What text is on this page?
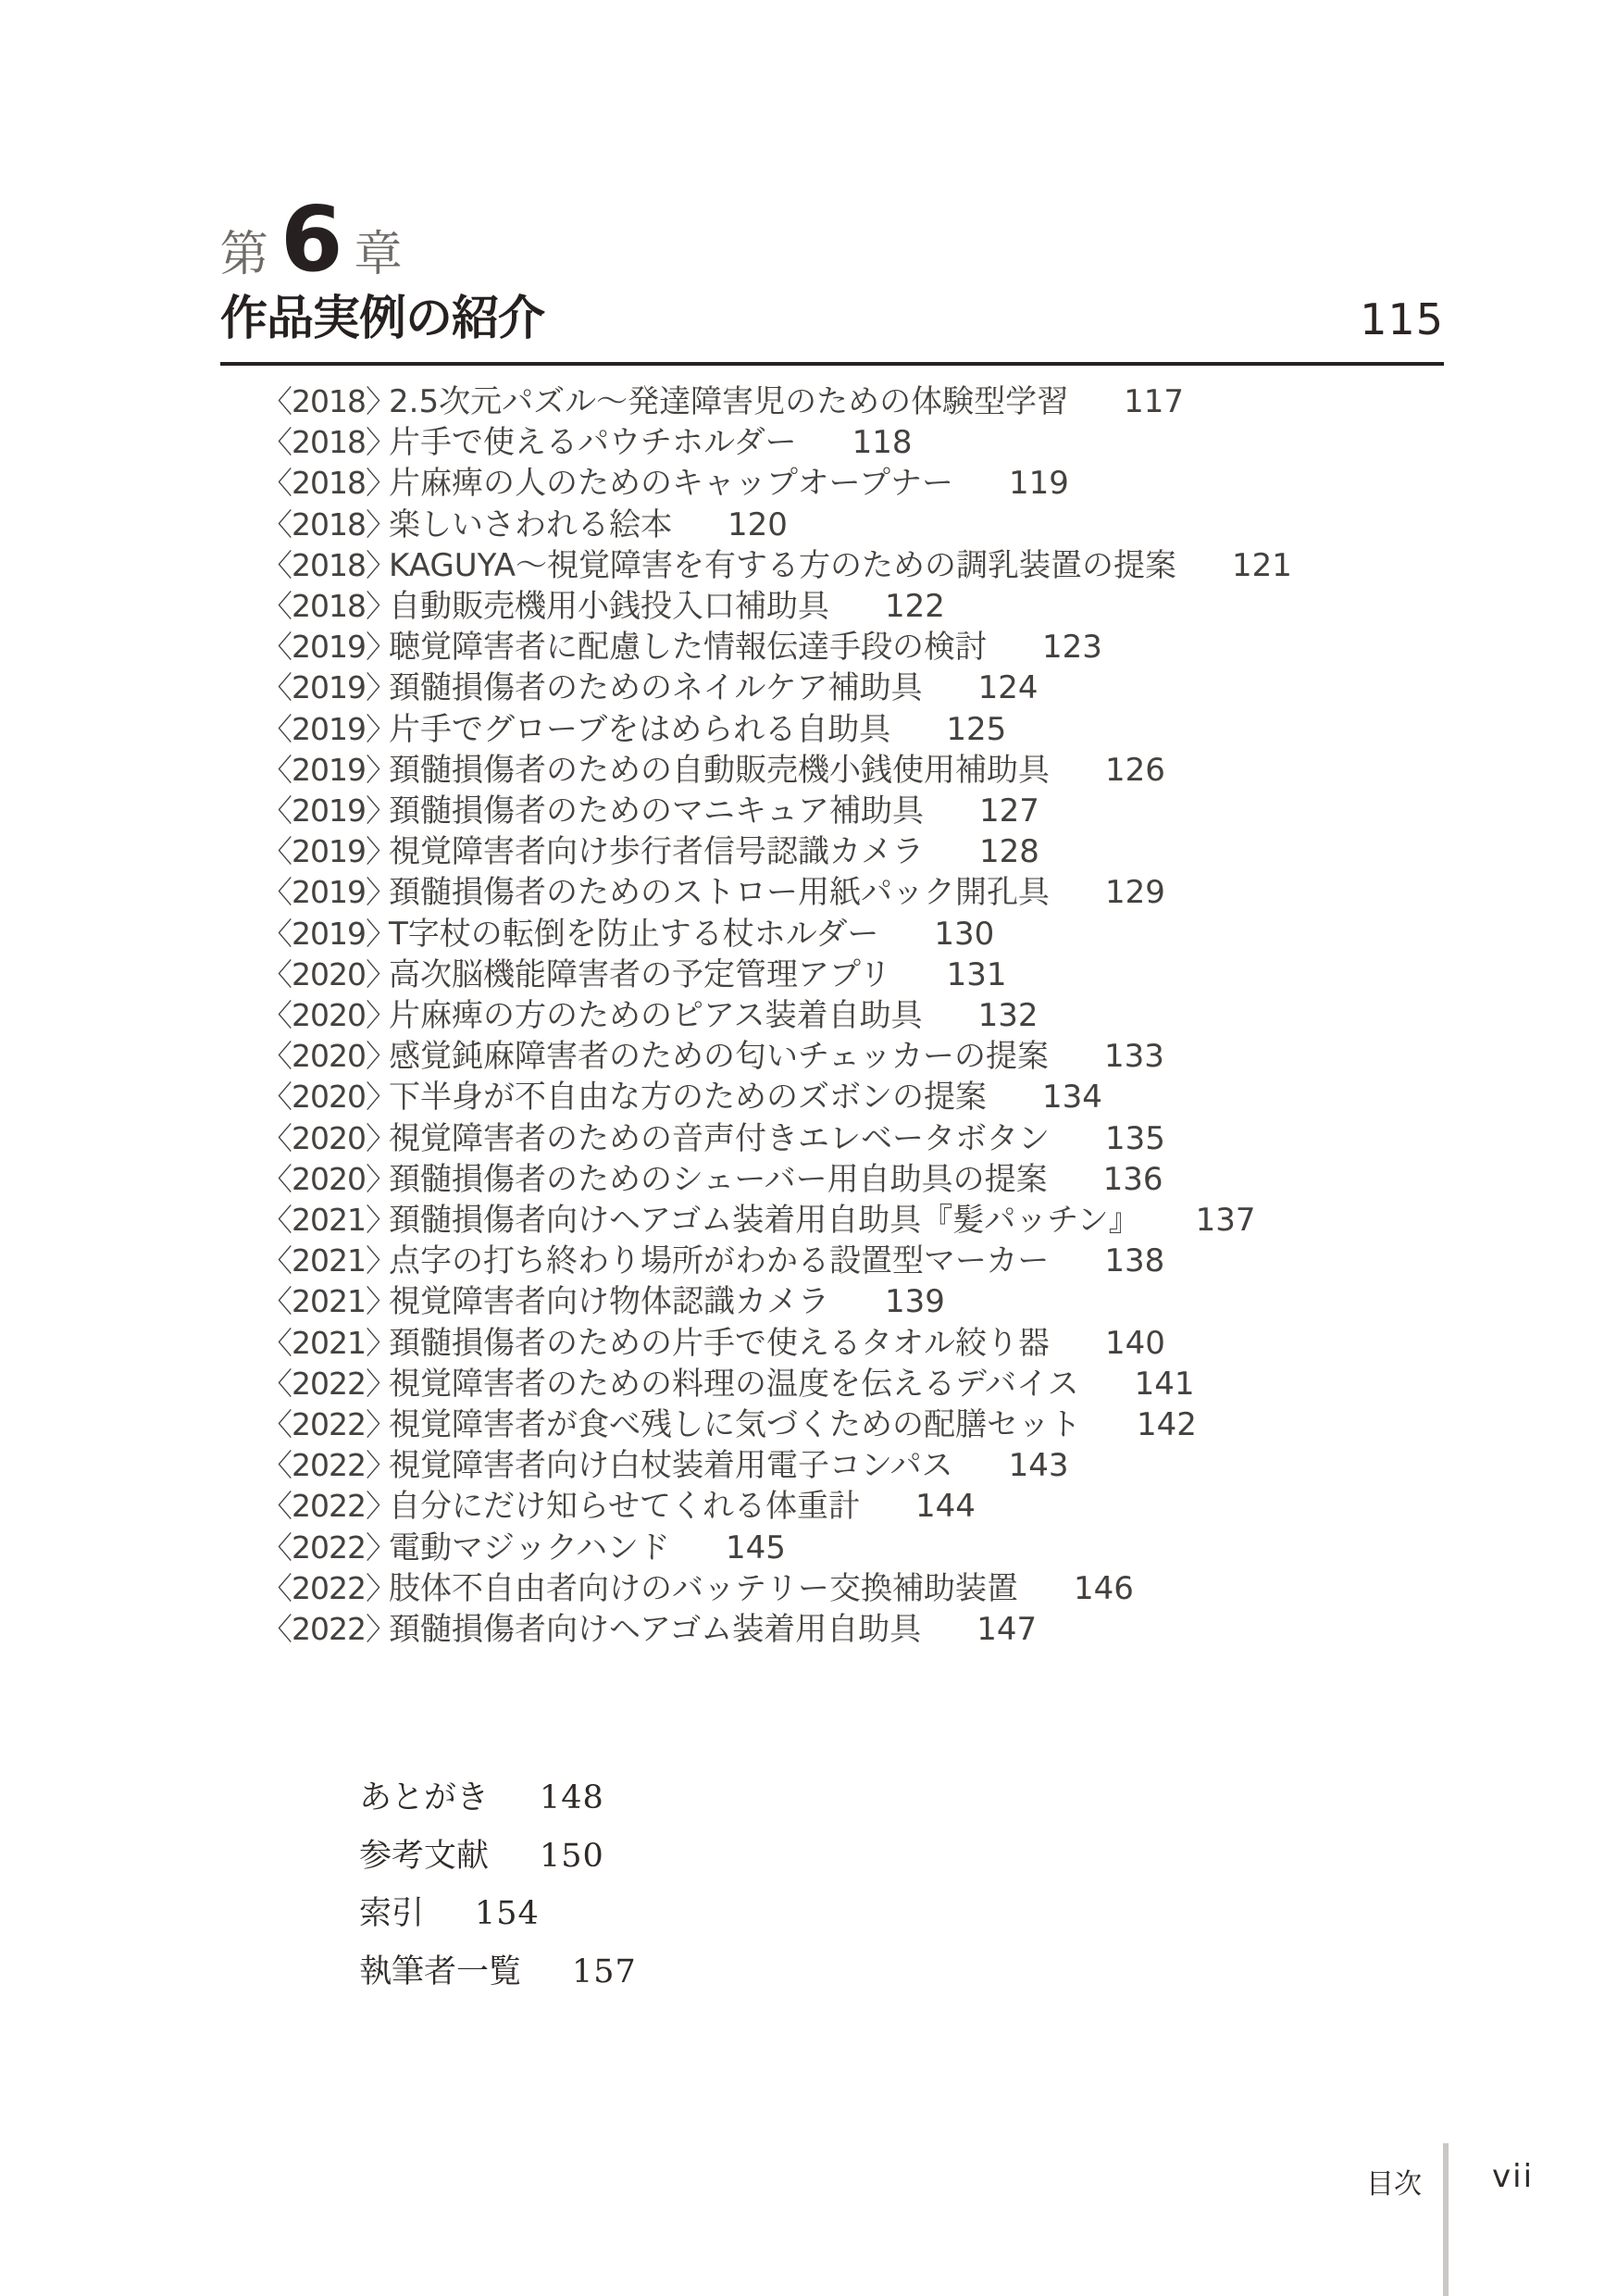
第 6 章
作品実例の紹介	115
〈2018〉
2.5次元パズル～発達障害児のための体験型学習 117
〈2018〉
片手で使えるパウチホルダー 118
〈2018〉
片麻痺の人のためのキャップオープナー 119
〈2018〉
楽しいさわれる絵本 120
〈2018〉
KAGUYA～視覚障害を有する方のための調乳装置の提案 121
〈2018〉
自動販売機用小銭投入口補助具 122
〈2019〉
聴覚障害者に配慮した情報伝達手段の検討 123
〈2019〉
頚髄損傷者のためのネイルケア補助具 124
〈2019〉
片手でグローブをはめられる自助具 125
〈2019〉
頚髄損傷者のための自動販売機小銭使用補助具 126
〈2019〉
頚髄損傷者のためのマニキュア補助具 127
〈2019〉
視覚障害者向け歩行者信号認識カメラ 128
〈2019〉
頚髄損傷者のためのストロー用紙パック開孔具 129
〈2019〉
T字杖の転倒を防止する杖ホルダー 130
〈2020〉
高次脳機能障害者の予定管理アプリ 131
〈2020〉
片麻痺の方のためのピアス装着自助具 132
〈2020〉
感覚鈍麻障害者のための匂いチェッカーの提案 133
〈2020〉
下半身が不自由な方のためのズボンの提案 134
〈2020〉
視覚障害者のための音声付きエレベータボタン 135
〈2020〉
頚髄損傷者のためのシェーバー用自助具の提案 136
〈2021〉
頚髄損傷者向けヘアゴム装着用自助具『髪パッチン』 137
〈2021〉
点字の打ち終わり場所がわかる設置型マーカー 138
〈2021〉
視覚障害者向け物体認識カメラ 139
〈2021〉
頚髄損傷者のための片手で使えるタオル絞り器 140
〈2022〉
視覚障害者のための料理の温度を伝えるデバイス 141
〈2022〉
視覚障害者が食べ残しに気づくための配膳セット 142
〈2022〉
視覚障害者向け白杖装着用電子コンパス 143
〈2022〉
自分にだけ知らせてくれる体重計 144
〈2022〉
電動マジックハンド 145
〈2022〉
肢体不自由者向けのバッテリー交換補助装置 146
〈2022〉
頚髄損傷者向けヘアゴム装着用自助具 147
あとがき 148
参考文献 150
索引 154
執筆者一覧 157
目次 vii
